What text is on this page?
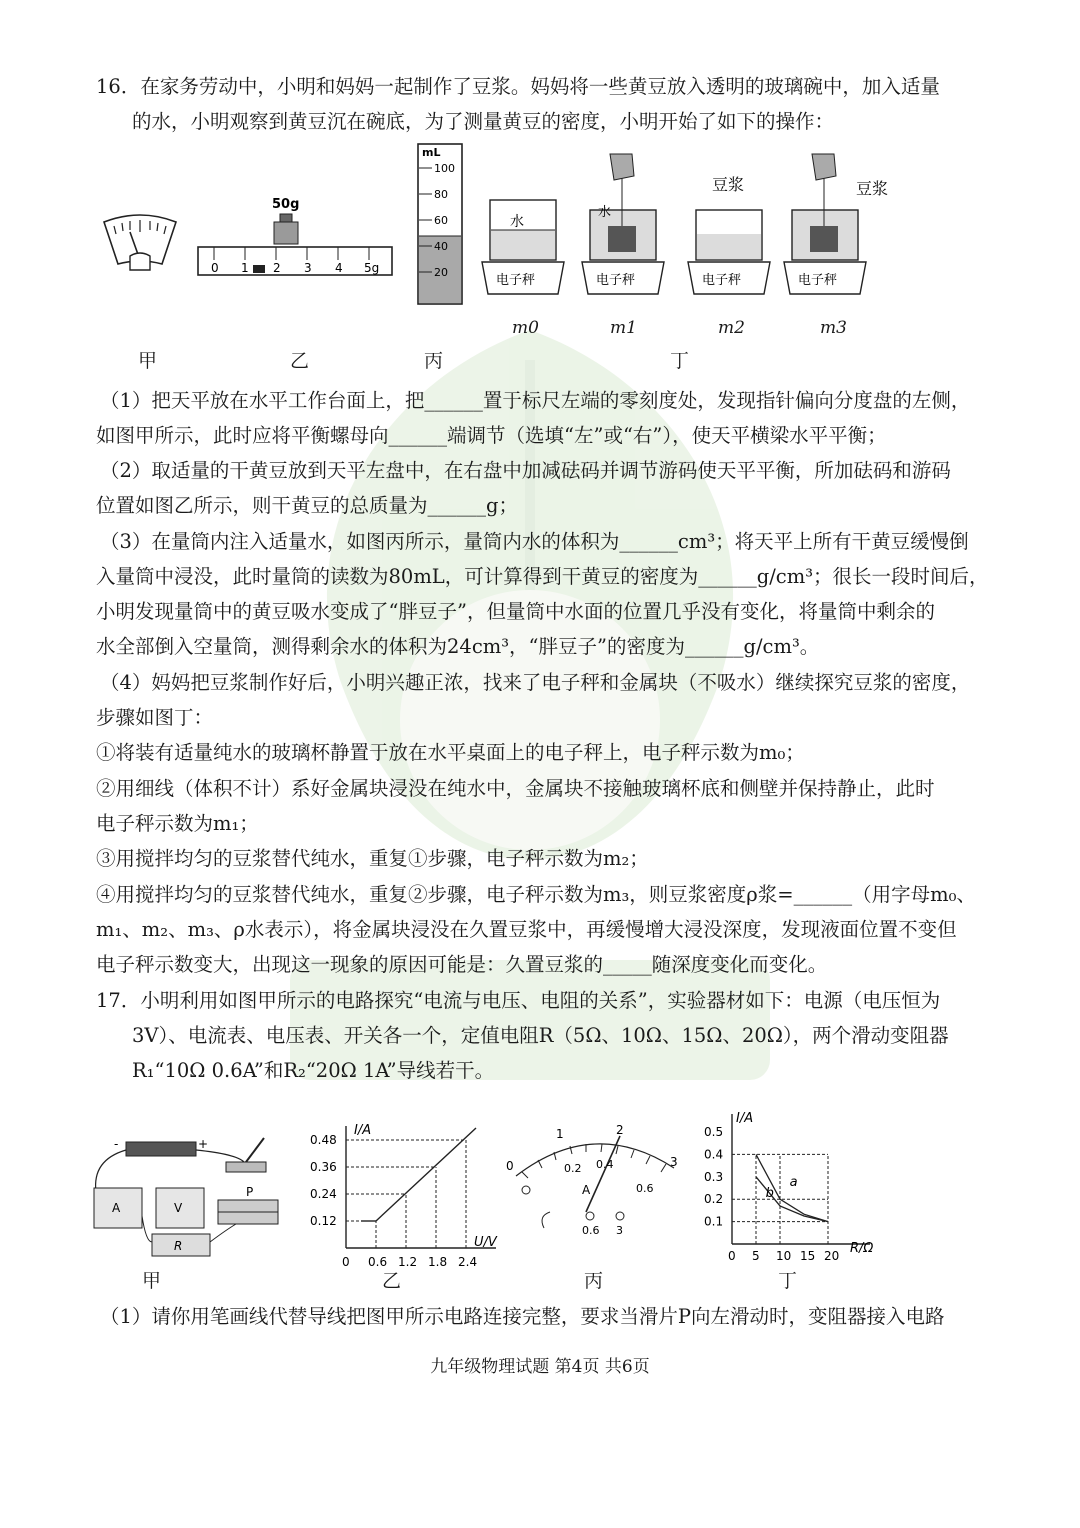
16．在家务劳动中，小明和妈妈一起制作了豆浆。妈妈将一些黄豆放入透明的玻璃碗中，加入适量
的水，小明观察到黄豆沉在碗底，为了测量黄豆的密度，小明开始了如下的操作：
50g
0 1 2 3 4 5g
mL
100
80
60
40
20
水
电子秤
水
电子秤
豆浆
电子秤
豆浆
电子秤
m0	m1	m2	m3
甲	乙	丙	丁
（1）把天平放在水平工作台面上，把______置于标尺左端的零刻度处，发现指针偏向分度盘的左侧，
如图甲所示，此时应将平衡螺母向______端调节（选填“左”或“右”），使天平横梁水平平衡；
（2）取适量的干黄豆放到天平左盘中，在右盘中加减砝码并调节游码使天平平衡，所加砝码和游码
位置如图乙所示，则干黄豆的总质量为______g；
（3）在量筒内注入适量水，如图丙所示，量筒内水的体积为______cm³；将天平上所有干黄豆缓慢倒
入量筒中浸没，此时量筒的读数为80mL，可计算得到干黄豆的密度为______g/cm³；很长一段时间后，
小明发现量筒中的黄豆吸水变成了“胖豆子”，但量筒中水面的位置几乎没有变化，将量筒中剩余的
水全部倒入空量筒，测得剩余水的体积为24cm³，“胖豆子”的密度为______g/cm³。
（4）妈妈把豆浆制作好后，小明兴趣正浓，找来了电子秤和金属块（不吸水）继续探究豆浆的密度，
步骤如图丁：
①将装有适量纯水的玻璃杯静置于放在水平桌面上的电子秤上，电子秤示数为m₀；
②用细线（体积不计）系好金属块浸没在纯水中，金属块不接触玻璃杯底和侧壁并保持静止，此时
电子秤示数为m₁；
③用搅拌均匀的豆浆替代纯水，重复①步骤，电子秤示数为m₂；
④用搅拌均匀的豆浆替代纯水，重复②步骤，电子秤示数为m₃，则豆浆密度ρ浆=______（用字母m₀、
m₁、m₂、m₃、ρ水表示），将金属块浸没在久置豆浆中，再缓慢增大浸没深度，发现液面位置不变但
电子秤示数变大，出现这一现象的原因可能是：久置豆浆的_____随深度变化而变化。
17．小明利用如图甲所示的电路探究“电流与电压、电阻的关系”，实验器材如下：电源（电压恒为
3V）、电流表、电压表、开关各一个，定值电阻R（5Ω、10Ω、15Ω、20Ω），两个滑动变阻器
R₁“10Ω 0.6A”和R₂“20Ω 1A”导线若干。
-	+
A	V
P
R
I/A
U/V
0 0.6 1.2 1.8 2.4
0.12
0.24
0.36
0.48
0
1	2
3
0.2 0.4
0.6
A
0.6 3
I/A
R/Ω
0 5 10 15 20
0.1
0.2
0.3
0.4
0.5
a
b
甲	乙	丙	丁
（1）请你用笔画线代替导线把图甲所示电路连接完整，要求当滑片P向左滑动时，变阻器接入电路
九年级物理试题 第4页 共6页
